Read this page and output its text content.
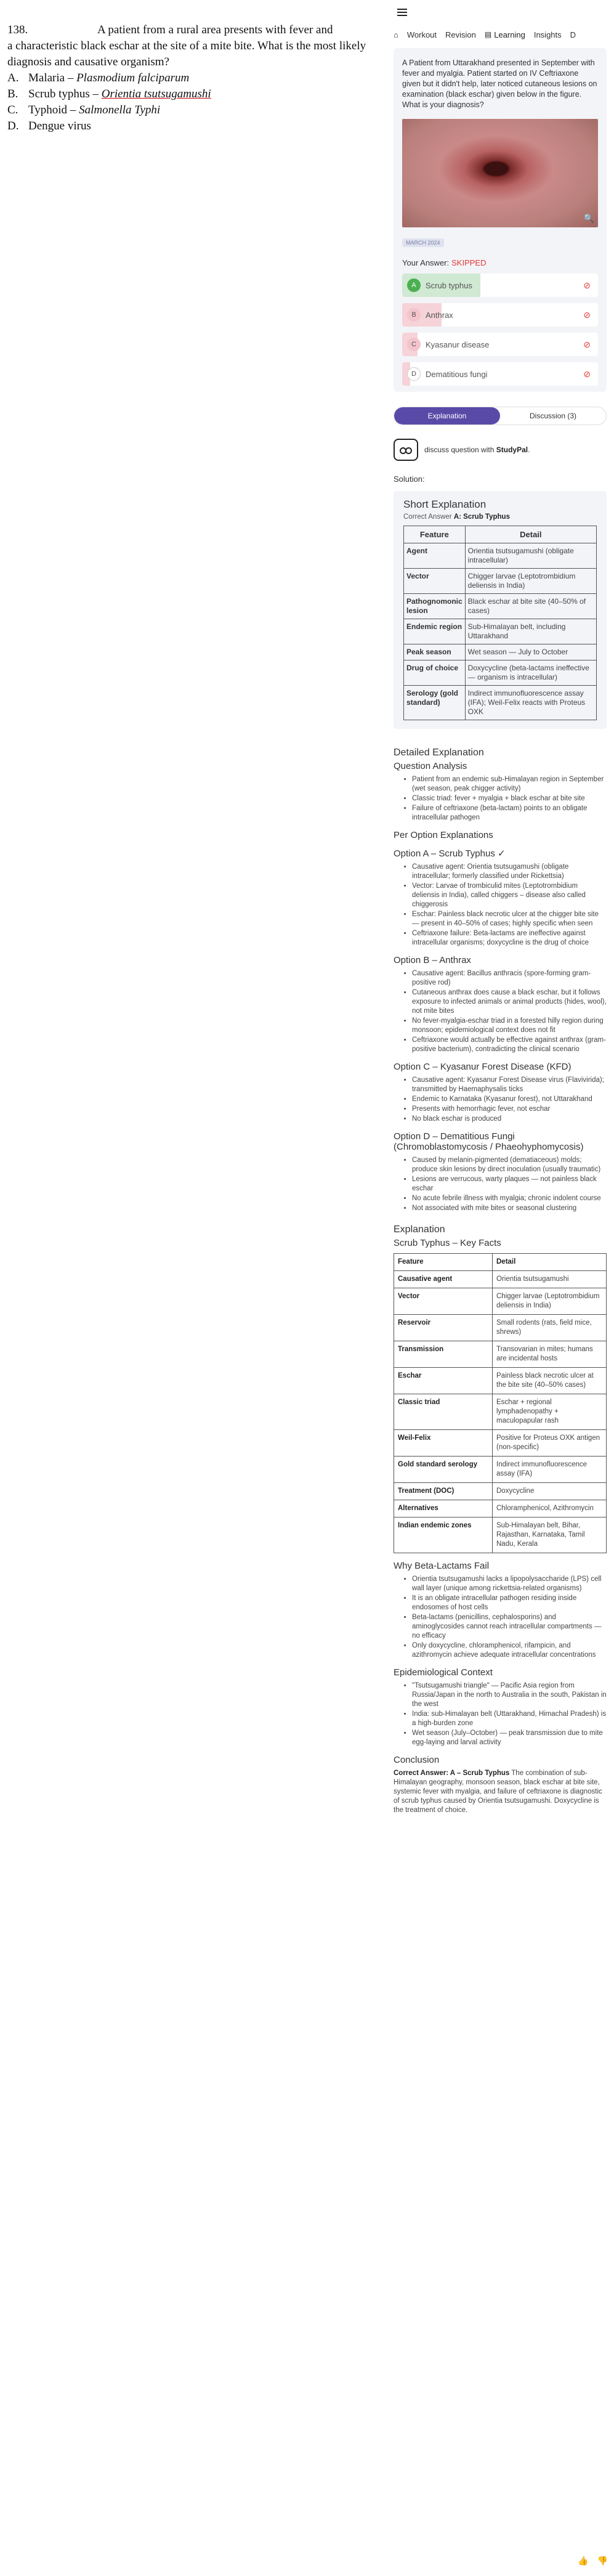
138.	A patient from a rural area presents with fever and
a characteristic black eschar at the site of a mite bite. What is the most likely diagnosis and causative organism?
A. Malaria – Plasmodium falciparum
B. Scrub typhus – Orientia tsutsugamushi
C. Typhoid – Salmonella Typhi
D. Dengue virus
⌂ Workout Revision ▤ Learning Insights D
A Patient from Uttarakhand presented in September with fever and myalgia. Patient started on IV Ceftriaxone given but it didn't help, later noticed cutaneous lesions on examination (black eschar) given below in the figure. What is your diagnosis?
🔍
MARCH 2024
Your Answer: SKIPPED
A	Scrub typhus	⊘
B	Anthrax	⊘
C	Kyasanur disease	⊘
D	Dematitious fungi	⊘
Explanation	Discussion (3)
discuss question with StudyPal.
Solution:
Short Explanation
Correct Answer A: Scrub Typhus
Feature	Detail
Agent	Orientia tsutsugamushi (obligate intracellular)
Vector	Chigger larvae (Leptotrombidium deliensis in India)
Pathognomonic lesion	Black eschar at bite site (40–50% of cases)
Endemic region	Sub-Himalayan belt, including Uttarakhand
Peak season	Wet season — July to October
Drug of choice	Doxycycline (beta-lactams ineffective — organism is intracellular)
Serology (gold standard)	Indirect immunofluorescence assay (IFA); Weil-Felix reacts with Proteus OXK
Detailed Explanation
Question Analysis
• Patient from an endemic sub-Himalayan region in September (wet season, peak chigger activity)
• Classic triad: fever + myalgia + black eschar at bite site
• Failure of ceftriaxone (beta-lactam) points to an obligate intracellular pathogen
Per Option Explanations
Option A – Scrub Typhus ✓
• Causative agent: Orientia tsutsugamushi (obligate intracellular; formerly classified under Rickettsia)
• Vector: Larvae of trombiculid mites (Leptotrombidium deliensis in India), called chiggers – disease also called chiggerosis
• Eschar: Painless black necrotic ulcer at the chigger bite site — present in 40–50% of cases; highly specific when seen
• Ceftriaxone failure: Beta-lactams are ineffective against intracellular organisms; doxycycline is the drug of choice
Option B – Anthrax
• Causative agent: Bacillus anthracis (spore-forming gram-positive rod)
• Cutaneous anthrax does cause a black eschar, but it follows exposure to infected animals or animal products (hides, wool), not mite bites
• No fever-myalgia-eschar triad in a forested hilly region during monsoon; epidemiological context does not fit
• Ceftriaxone would actually be effective against anthrax (gram-positive bacterium), contradicting the clinical scenario
Option C – Kyasanur Forest Disease (KFD)
• Causative agent: Kyasanur Forest Disease virus (Flavivirida); transmitted by Haemaphysalis ticks
• Endemic to Karnataka (Kyasanur forest), not Uttarakhand
• Presents with hemorrhagic fever, not eschar
• No black eschar is produced
Option D – Dematitious Fungi (Chromoblastomycosis / Phaeohyphomycosis)
• Caused by melanin-pigmented (dematiaceous) molds; produce skin lesions by direct inoculation (usually traumatic)
• Lesions are verrucous, warty plaques — not painless black eschar
• No acute febrile illness with myalgia; chronic indolent course
• Not associated with mite bites or seasonal clustering
Explanation
Scrub Typhus – Key Facts
Feature	Detail
Causative agent	Orientia tsutsugamushi
Vector	Chigger larvae (Leptotrombidium deliensis in India)
Reservoir	Small rodents (rats, field mice, shrews)
Transmission	Transovarian in mites; humans are incidental hosts
Eschar	Painless black necrotic ulcer at the bite site (40–50% cases)
Classic triad	Eschar + regional lymphadenopathy + maculopapular rash
Weil-Felix	Positive for Proteus OXK antigen (non-specific)
Gold standard serology	Indirect immunofluorescence assay (IFA)
Treatment (DOC)	Doxycycline
Alternatives	Chloramphenicol, Azithromycin
Indian endemic zones	Sub-Himalayan belt, Bihar, Rajasthan, Karnataka, Tamil Nadu, Kerala
Why Beta-Lactams Fail
• Orientia tsutsugamushi lacks a lipopolysaccharide (LPS) cell wall layer (unique among rickettsia-related organisms)
• It is an obligate intracellular pathogen residing inside endosomes of host cells
• Beta-lactams (penicillins, cephalosporins) and aminoglycosides cannot reach intracellular compartments — no efficacy
• Only doxycycline, chloramphenicol, rifampicin, and azithromycin achieve adequate intracellular concentrations
Epidemiological Context
• "Tsutsugamushi triangle" — Pacific Asia region from Russia/Japan in the north to Australia in the south, Pakistan in the west
• India: sub-Himalayan belt (Uttarakhand, Himachal Pradesh) is a high-burden zone
• Wet season (July–October) — peak transmission due to mite egg-laying and larval activity
Conclusion
Correct Answer: A – Scrub Typhus The combination of sub-Himalayan geography, monsoon season, black eschar at bite site, systemic fever with myalgia, and failure of ceftriaxone is diagnostic of scrub typhus caused by Orientia tsutsugamushi. Doxycycline is the treatment of choice.
👍 👎
